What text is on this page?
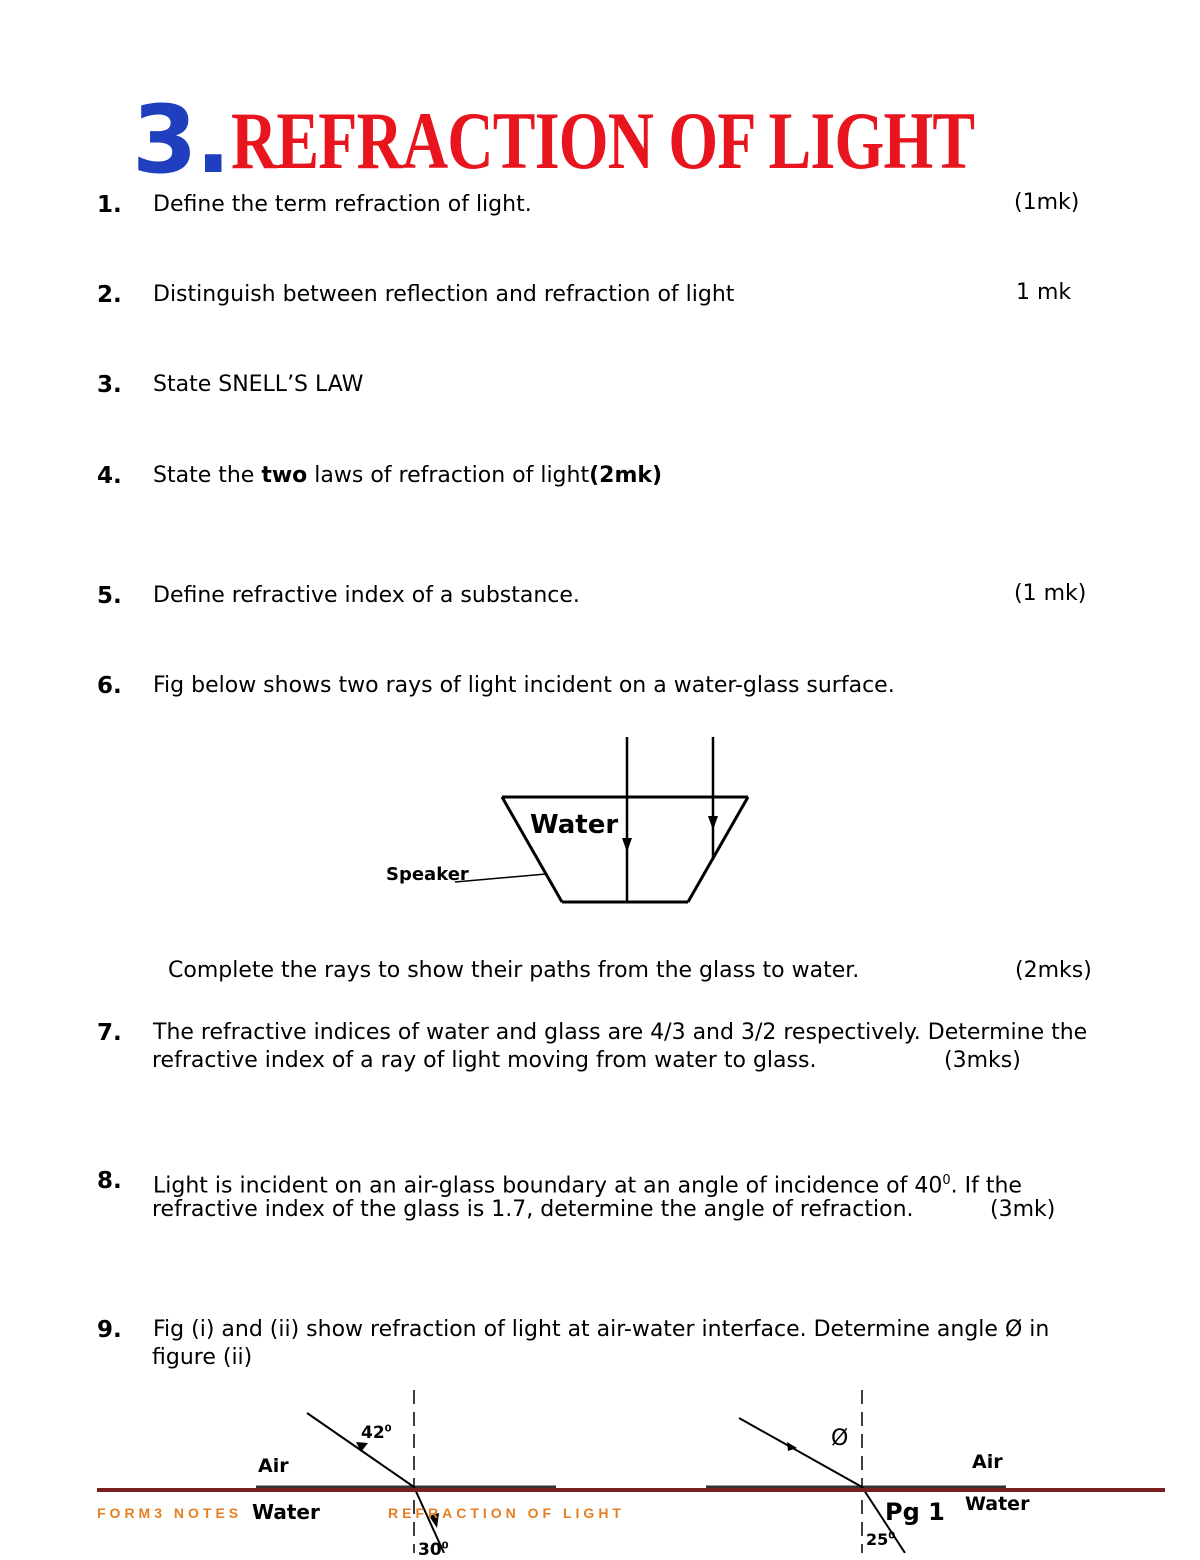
3.REFRACTION OF LIGHT
1. Define the term refraction of light.	(1mk)
2. Distinguish between reflection and refraction of light	1 mk
3. State SNELL’S LAW
4. State the two laws of refraction of light(2mk)
5. Define refractive index of a substance.	(1 mk)
6. Fig below shows two rays of light incident on a water-glass surface.
Water
Speaker
Complete the rays to show their paths from the glass to water.	(2mks)
7. The refractive indices of water and glass are 4/3 and 3/2 respectively. Determine the
refractive index of a ray of light moving from water to glass.	(3mks)
8. Light is incident on an air-glass boundary at an angle of incidence of $40^0$. If the
refractive index of the glass is 1.7, determine the angle of refraction.	(3mk)
9. Fig (i) and (ii) show refraction of light at air-water interface. Determine angle Ø in
figure (ii)
$42^0$
Air
Water
$30^0$
Ø
Air
Water
$25^0$
FORM3 NOTES	REFRACTION OF LIGHT	Pg 1
